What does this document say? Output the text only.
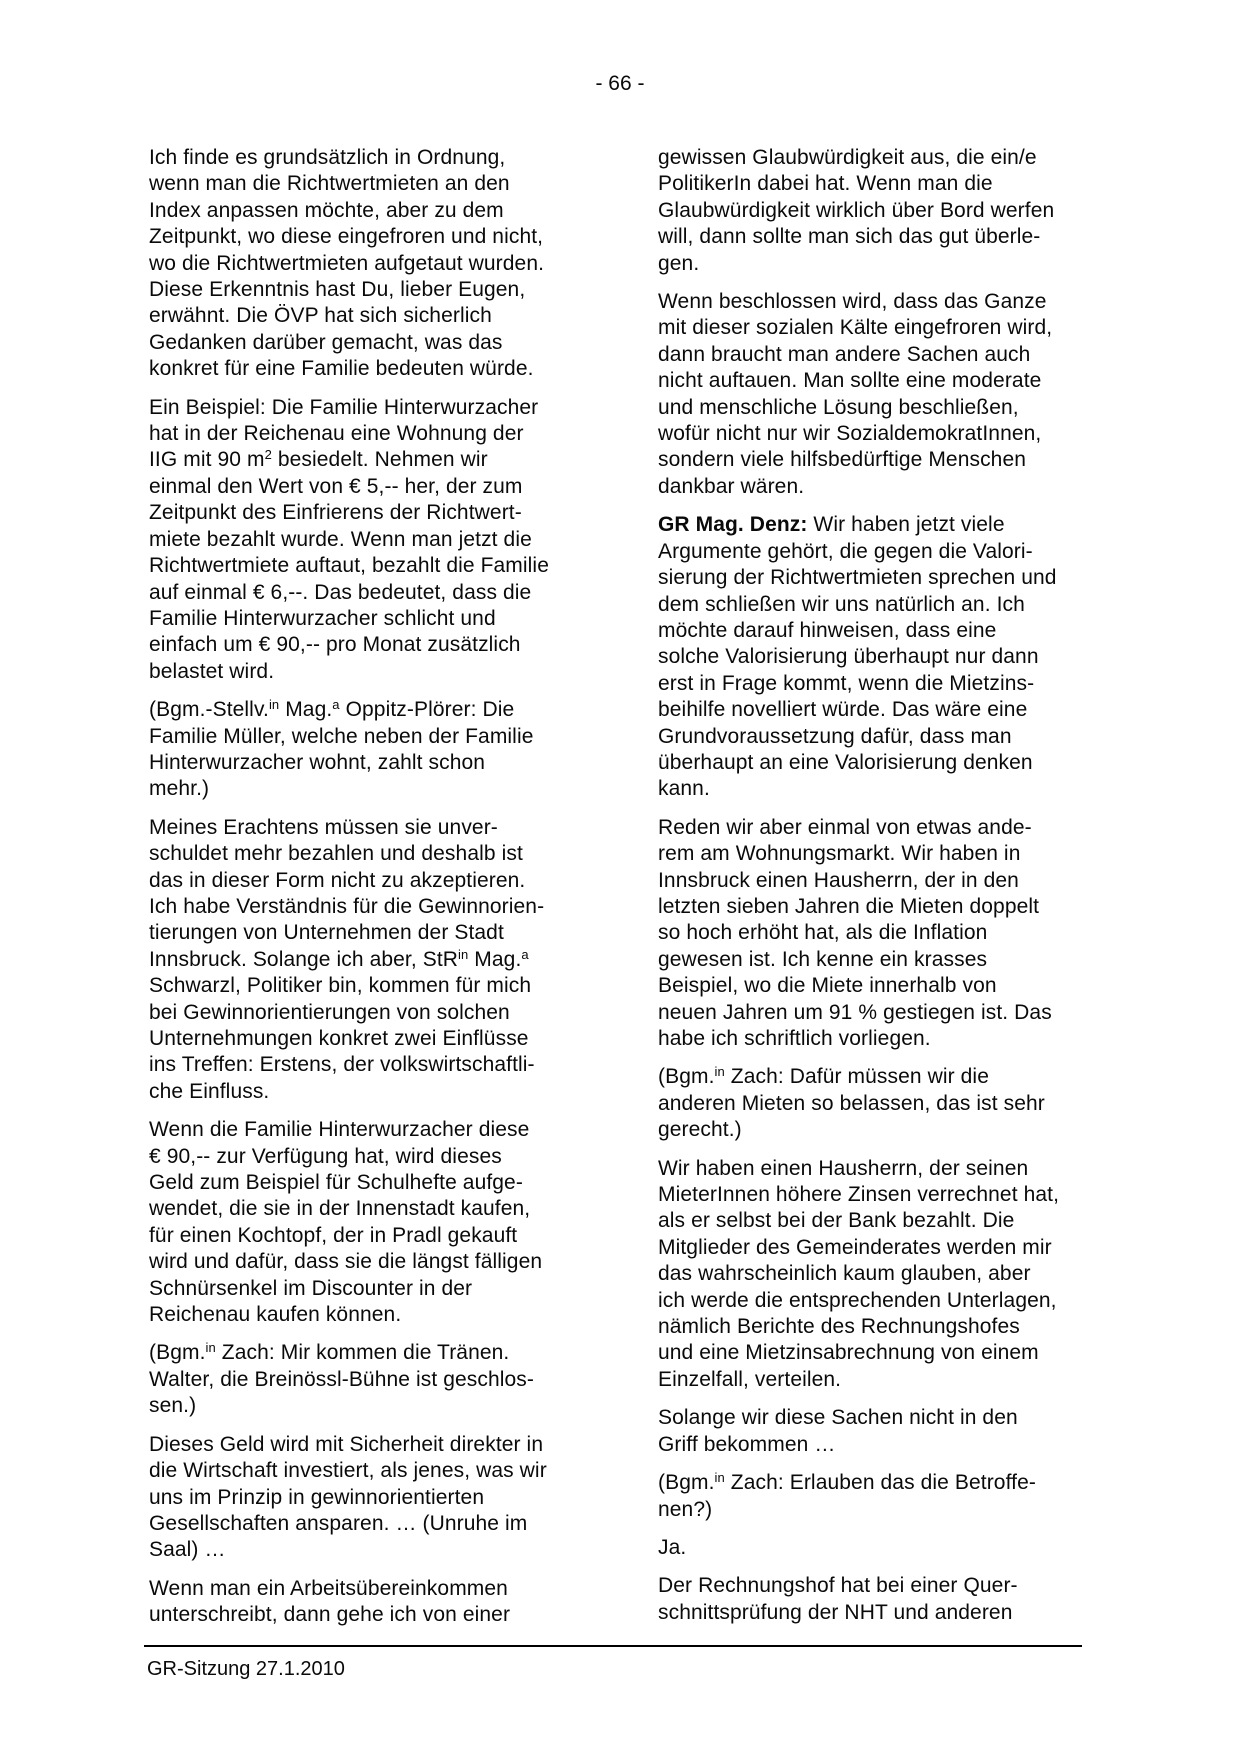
- 66 -
Ich finde es grundsätzlich in Ordnung,
wenn man die Richtwertmieten an den
Index anpassen möchte, aber zu dem
Zeitpunkt, wo diese eingefroren und nicht,
wo die Richtwertmieten aufgetaut wurden.
Diese Erkenntnis hast Du, lieber Eugen,
erwähnt. Die ÖVP hat sich sicherlich
Gedanken darüber gemacht, was das
konkret für eine Familie bedeuten würde.
Ein Beispiel: Die Familie Hinterwurzacher
hat in der Reichenau eine Wohnung der
IIG mit 90 $m^2$ besiedelt. Nehmen wir
einmal den Wert von € 5,-- her, der zum
Zeitpunkt des Einfrierens der Richtwert-
miete bezahlt wurde. Wenn man jetzt die
Richtwertmiete auftaut, bezahlt die Familie
auf einmal € 6,--. Das bedeutet, dass die
Familie Hinterwurzacher schlicht und
einfach um € 90,-- pro Monat zusätzlich
belastet wird.
(Bgm.-Stellv.$^{in}$ Mag.$^a$ Oppitz-Plörer: Die
Familie Müller, welche neben der Familie
Hinterwurzacher wohnt, zahlt schon
mehr.)
Meines Erachtens müssen sie unver-
schuldet mehr bezahlen und deshalb ist
das in dieser Form nicht zu akzeptieren.
Ich habe Verständnis für die Gewinnorien-
tierungen von Unternehmen der Stadt
Innsbruck. Solange ich aber, StR$^{in}$ Mag.$^a$
Schwarzl, Politiker bin, kommen für mich
bei Gewinnorientierungen von solchen
Unternehmungen konkret zwei Einflüsse
ins Treffen: Erstens, der volkswirtschaftli-
che Einfluss.
Wenn die Familie Hinterwurzacher diese
€ 90,-- zur Verfügung hat, wird dieses
Geld zum Beispiel für Schulhefte aufge-
wendet, die sie in der Innenstadt kaufen,
für einen Kochtopf, der in Pradl gekauft
wird und dafür, dass sie die längst fälligen
Schnürsenkel im Discounter in der
Reichenau kaufen können.
(Bgm.$^{in}$ Zach: Mir kommen die Tränen.
Walter, die Breinössl-Bühne ist geschlos-
sen.)
Dieses Geld wird mit Sicherheit direkter in
die Wirtschaft investiert, als jenes, was wir
uns im Prinzip in gewinnorientierten
Gesellschaften ansparen. … (Unruhe im
Saal) …
Wenn man ein Arbeitsübereinkommen
unterschreibt, dann gehe ich von einer
gewissen Glaubwürdigkeit aus, die ein/e
PolitikerIn dabei hat. Wenn man die
Glaubwürdigkeit wirklich über Bord werfen
will, dann sollte man sich das gut überle-
gen.
Wenn beschlossen wird, dass das Ganze
mit dieser sozialen Kälte eingefroren wird,
dann braucht man andere Sachen auch
nicht auftauen. Man sollte eine moderate
und menschliche Lösung beschließen,
wofür nicht nur wir SozialdemokratInnen,
sondern viele hilfsbedürftige Menschen
dankbar wären.
GR Mag. Denz: Wir haben jetzt viele
Argumente gehört, die gegen die Valori-
sierung der Richtwertmieten sprechen und
dem schließen wir uns natürlich an. Ich
möchte darauf hinweisen, dass eine
solche Valorisierung überhaupt nur dann
erst in Frage kommt, wenn die Mietzins-
beihilfe novelliert würde. Das wäre eine
Grundvoraussetzung dafür, dass man
überhaupt an eine Valorisierung denken
kann.
Reden wir aber einmal von etwas ande-
rem am Wohnungsmarkt. Wir haben in
Innsbruck einen Hausherrn, der in den
letzten sieben Jahren die Mieten doppelt
so hoch erhöht hat, als die Inflation
gewesen ist. Ich kenne ein krasses
Beispiel, wo die Miete innerhalb von
neuen Jahren um 91 % gestiegen ist. Das
habe ich schriftlich vorliegen.
(Bgm.$^{in}$ Zach: Dafür müssen wir die
anderen Mieten so belassen, das ist sehr
gerecht.)
Wir haben einen Hausherrn, der seinen
MieterInnen höhere Zinsen verrechnet hat,
als er selbst bei der Bank bezahlt. Die
Mitglieder des Gemeinderates werden mir
das wahrscheinlich kaum glauben, aber
ich werde die entsprechenden Unterlagen,
nämlich Berichte des Rechnungshofes
und eine Mietzinsabrechnung von einem
Einzelfall, verteilen.
Solange wir diese Sachen nicht in den
Griff bekommen …
(Bgm.$^{in}$ Zach: Erlauben das die Betroffe-
nen?)
Ja.
Der Rechnungshof hat bei einer Quer-
schnittsprüfung der NHT und anderen
GR-Sitzung 27.1.2010
